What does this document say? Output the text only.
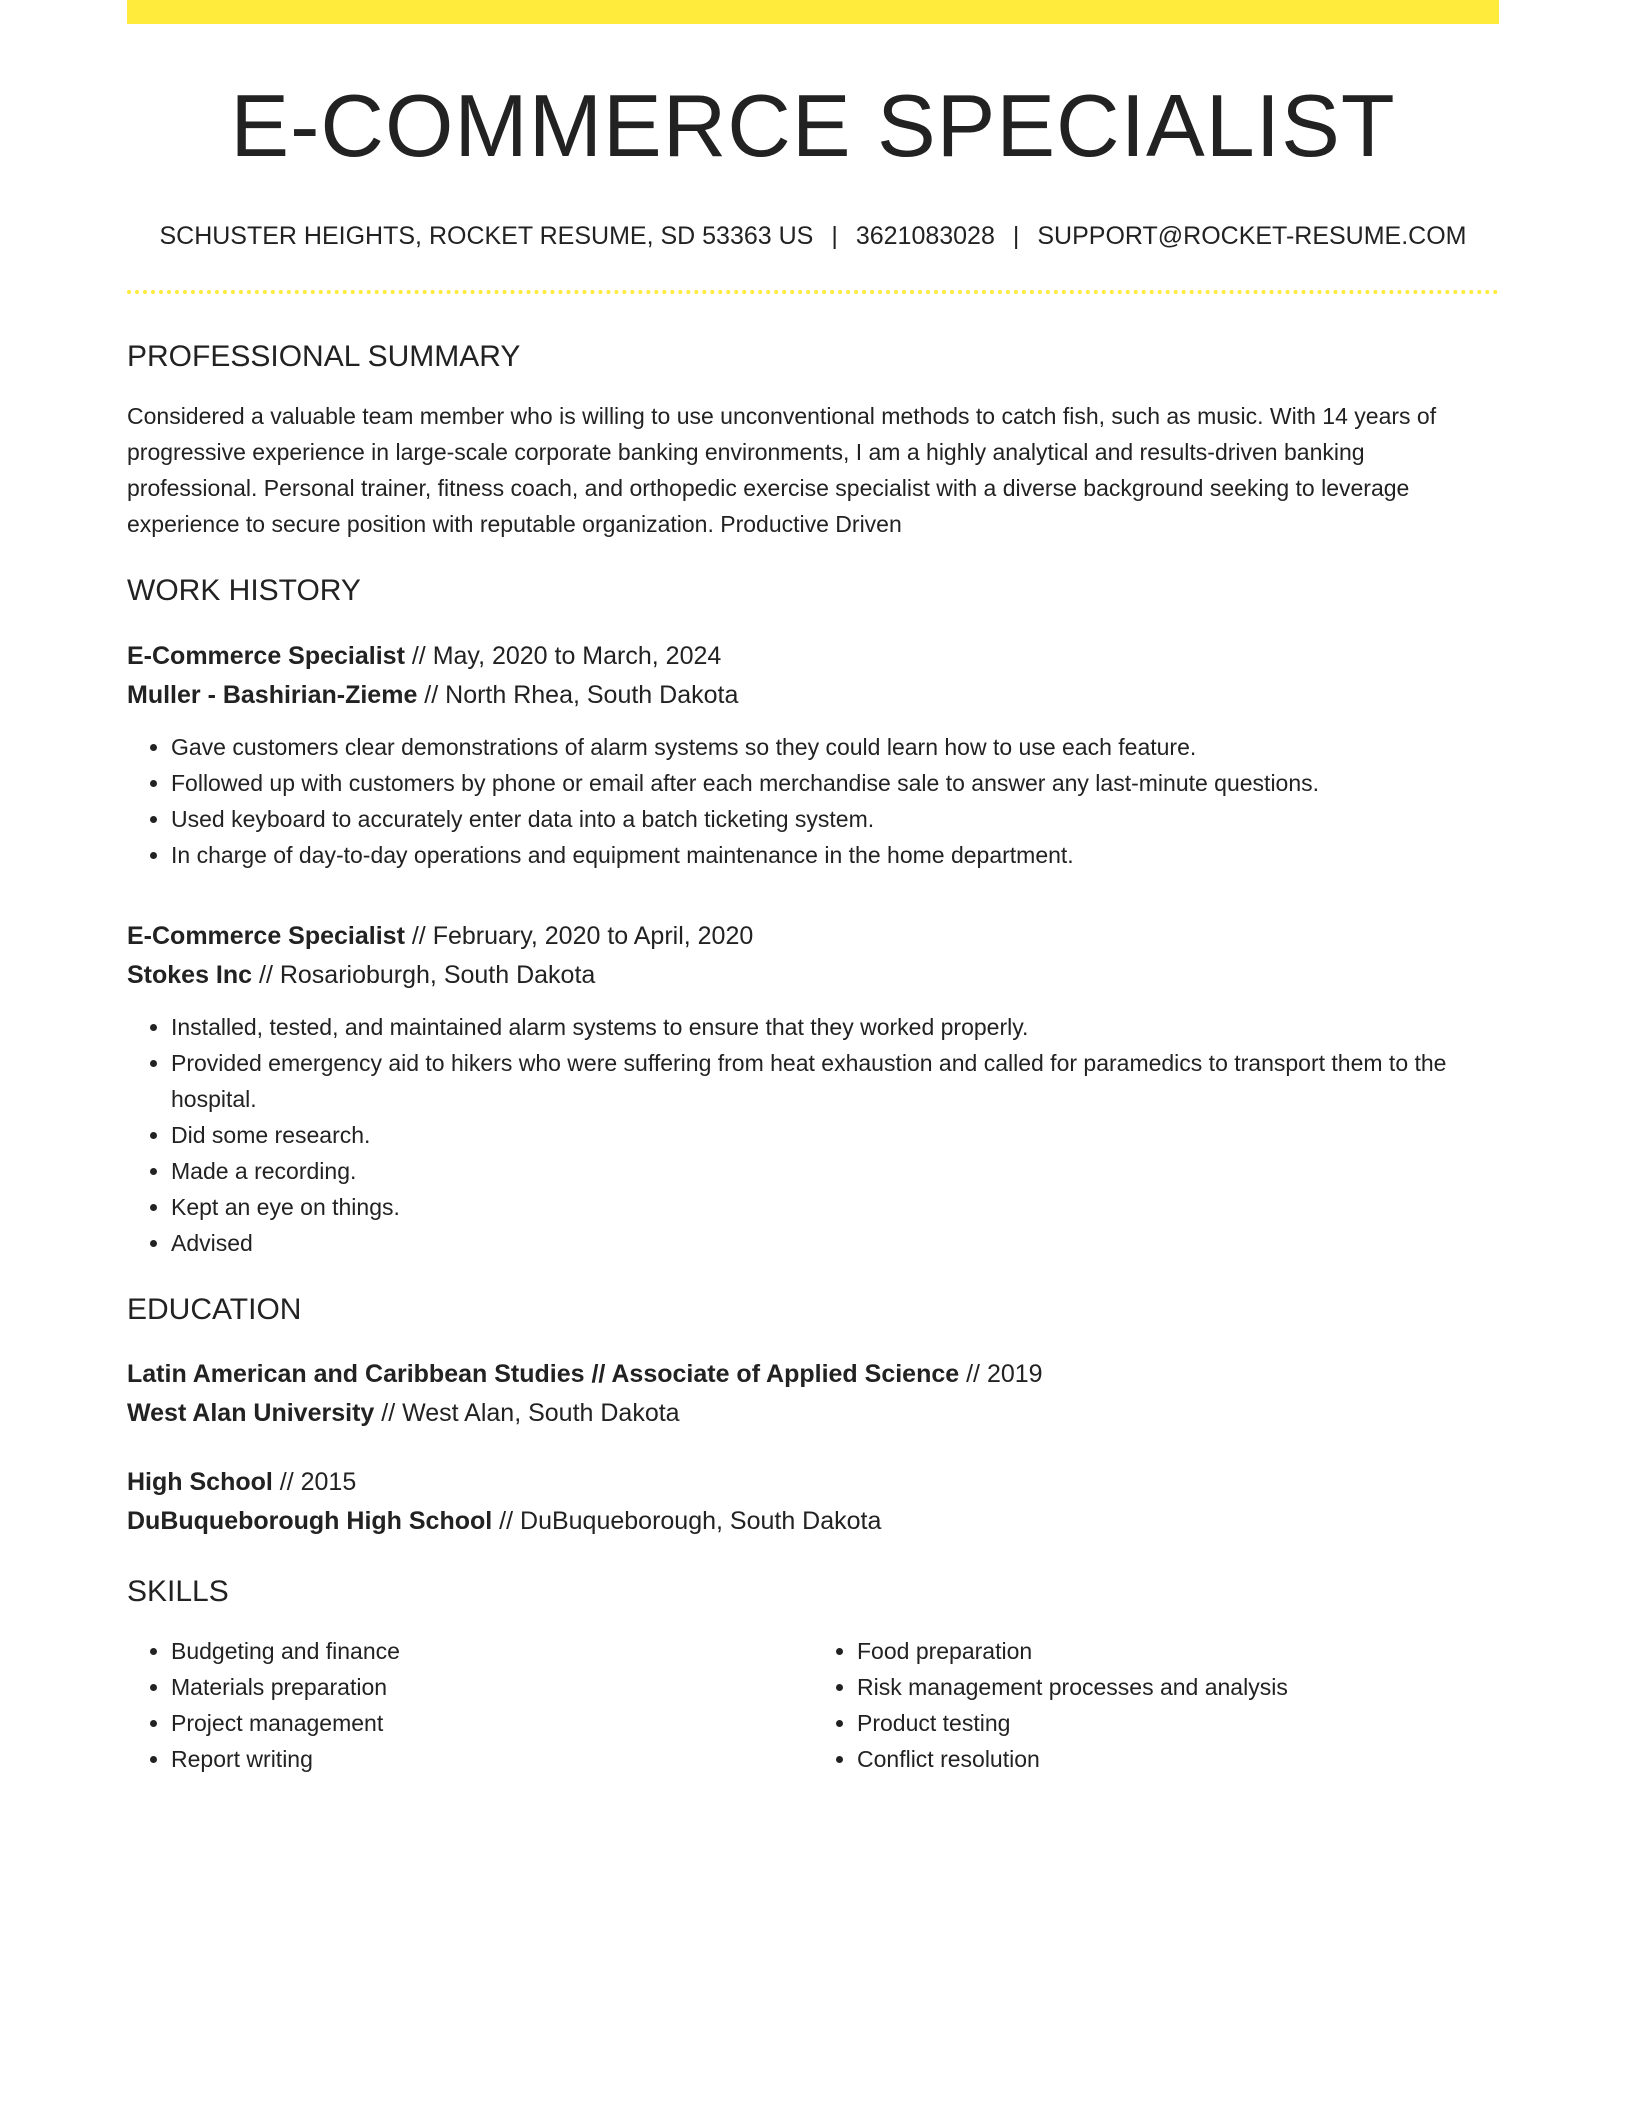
E-COMMERCE SPECIALIST
SCHUSTER HEIGHTS, ROCKET RESUME, SD 53363 US | 3621083028 | SUPPORT@ROCKET-RESUME.COM
PROFESSIONAL SUMMARY
Considered a valuable team member who is willing to use unconventional methods to catch fish, such as music. With 14 years of progressive experience in large-scale corporate banking environments, I am a highly analytical and results-driven banking professional. Personal trainer, fitness coach, and orthopedic exercise specialist with a diverse background seeking to leverage experience to secure position with reputable organization. Productive Driven
WORK HISTORY
E-Commerce Specialist // May, 2020 to March, 2024
Muller - Bashirian-Zieme // North Rhea, South Dakota
• Gave customers clear demonstrations of alarm systems so they could learn how to use each feature.
• Followed up with customers by phone or email after each merchandise sale to answer any last-minute questions.
• Used keyboard to accurately enter data into a batch ticketing system.
• In charge of day-to-day operations and equipment maintenance in the home department.
E-Commerce Specialist // February, 2020 to April, 2020
Stokes Inc // Rosarioburgh, South Dakota
• Installed, tested, and maintained alarm systems to ensure that they worked properly.
• Provided emergency aid to hikers who were suffering from heat exhaustion and called for paramedics to transport them to the hospital.
• Did some research.
• Made a recording.
• Kept an eye on things.
• Advised
EDUCATION
Latin American and Caribbean Studies // Associate of Applied Science // 2019
West Alan University // West Alan, South Dakota
High School // 2015
DuBuqueborough High School // DuBuqueborough, South Dakota
SKILLS
• Budgeting and finance
• Materials preparation
• Project management
• Report writing
• Food preparation
• Risk management processes and analysis
• Product testing
• Conflict resolution
